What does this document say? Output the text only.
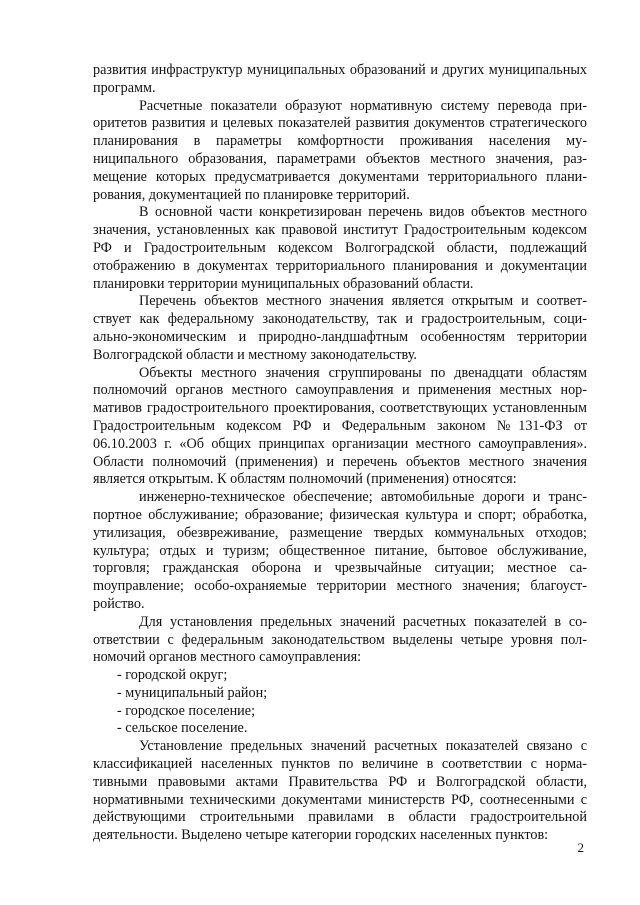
развития инфраструктур муниципальных образований и других муниципальных программ.

Расчетные показатели образуют нормативную систему перевода приоритетов развития и целевых показателей развития документов стратегического планирования в параметры комфортности проживания населения муниципального образования, параметрами объектов местного значения, размещение которых предусматривается документами территориального планирования, документацией по планировке территорий.

В основной части конкретизирован перечень видов объектов местного значения, установленных как правовой институт Градостроительным кодексом РФ и Градостроительным кодексом Волгоградской области, подлежащий отображению в документах территориального планирования и документации планировки территории муниципальных образований области.

Перечень объектов местного значения является открытым и соответствует как федеральному законодательству, так и градостроительным, социально-экономическим и природно-ландшафтным особенностям территории Волгоградской области и местному законодательству.

Объекты местного значения сгруппированы по двенадцати областям полномочий органов местного самоуправления и применения местных нормативов градостроительного проектирования, соответствующих установленным Градостроительным кодексом РФ и Федеральным законом №131-ФЗ от 06.10.2003 г. «Об общих принципах организации местного самоуправления». Области полномочий (применения) и перечень объектов местного значения является открытым. К областям полномочий (применения) относятся:

инженерно-техническое обеспечение; автомобильные дороги и транспортное обслуживание; образование; физическая культура и спорт; обработка, утилизация, обезвреживание, размещение твердых коммунальных отходов; культура; отдых и туризм; общественное питание, бытовое обслуживание, торговля; гражданская оборона и чрезвычайные ситуации; местное саmоуправление; особо-охраняемые территории местного значения; благоустройство.

Для установления предельных значений расчетных показателей в соответствии с федеральным законодательством выделены четыре уровня полномочий органов местного самоуправления:

- городской округ;
- муниципальный район;
- городское поселение;
- сельское поселение.

Установление предельных значений расчетных показателей связано с классификацией населенных пунктов по величине в соответствии с нормативными правовыми актами Правительства РФ и Волгоградской области, нормативными техническими документами министерств РФ, соотнесенными с действующими строительными правилами в области градостроительной деятельности. Выделено четыре категории городских населенных пунктов:

2
